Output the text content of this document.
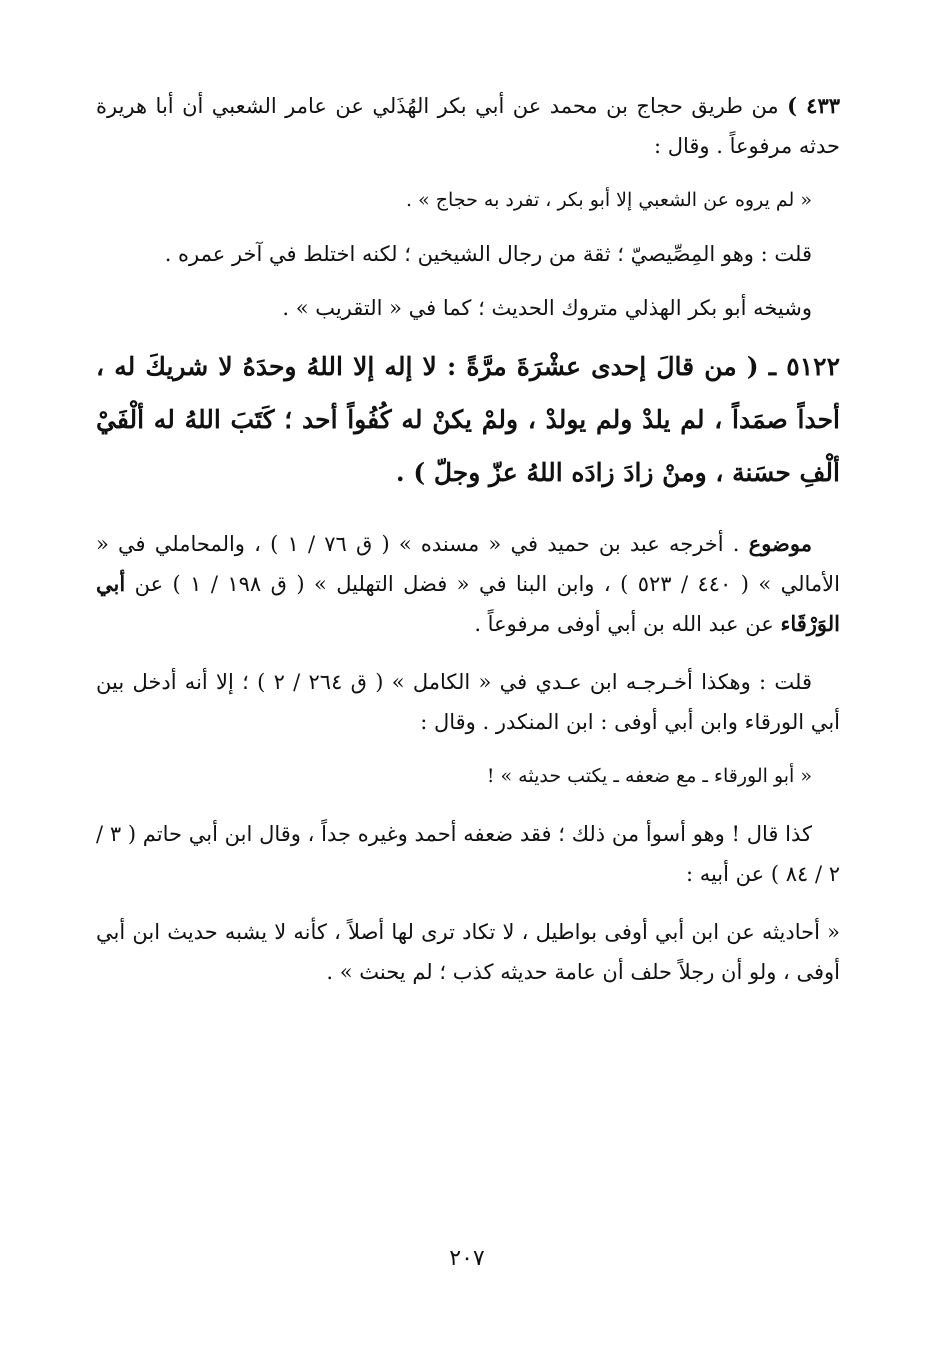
٤٣٣ ) من طريق حجاج بن محمد عن أبي بكر الهُذَلي عن عامر الشعبي أن أبا هريرة حدثه مرفوعاً . وقال :

« لم يروه عن الشعبي إلا أبو بكر ، تفرد به حجاج » .

قلت : وهو المِصِّيصيّ ؛ ثقة من رجال الشيخين ؛ لكنه اختلط في آخر عمره .

وشيخه أبو بكر الهذلي متروك الحديث ؛ كما في « التقريب » .

٥١٢٢ ـ ( من قالَ إحدى عشْرَةَ مرَّةً : لا إله إلا اللهُ وحدَهُ لا شريكَ له ، أحداً صمَداً ، لم يلدْ ولم يولدْ ، ولمْ يكنْ له كُفُواً أحد ؛ كَتَبَ اللهُ له ألْفَيْ ألْفِ حسَنة ، ومنْ زادَ زادَه اللهُ عزّ وجلّ ) .

موضوع . أخرجه عبد بن حميد في « مسنده » ( ق ٧٦ / ١ ) ، والمحاملي في « الأمالي » ( ٤٤٠ / ٥٢٣ ) ، وابن البنا في « فضل التهليل » ( ق ١٩٨ / ١ ) عن أبي الوَرْقَاء عن عبد الله بن أبي أوفى مرفوعاً .

قلت : وهكذا أخـرجـه ابن عـدي في « الكامل » ( ق ٢٦٤ / ٢ ) ؛ إلا أنه أدخل بين أبي الورقاء وابن أبي أوفى : ابن المنكدر . وقال :

« أبو الورقاء ـ مع ضعفه ـ يكتب حديثه » !

كذا قال ! وهو أسوأ من ذلك ؛ فقد ضعفه أحمد وغيره جداً ، وقال ابن أبي حاتم ( ٣ / ٢ / ٨٤ ) عن أبيه :

« أحاديثه عن ابن أبي أوفى بواطيل ، لا تكاد ترى لها أصلاً ، كأنه لا يشبه حديث ابن أبي أوفى ، ولو أن رجلاً حلف أن عامة حديثه كذب ؛ لم يحنث » .

٢٠٧
